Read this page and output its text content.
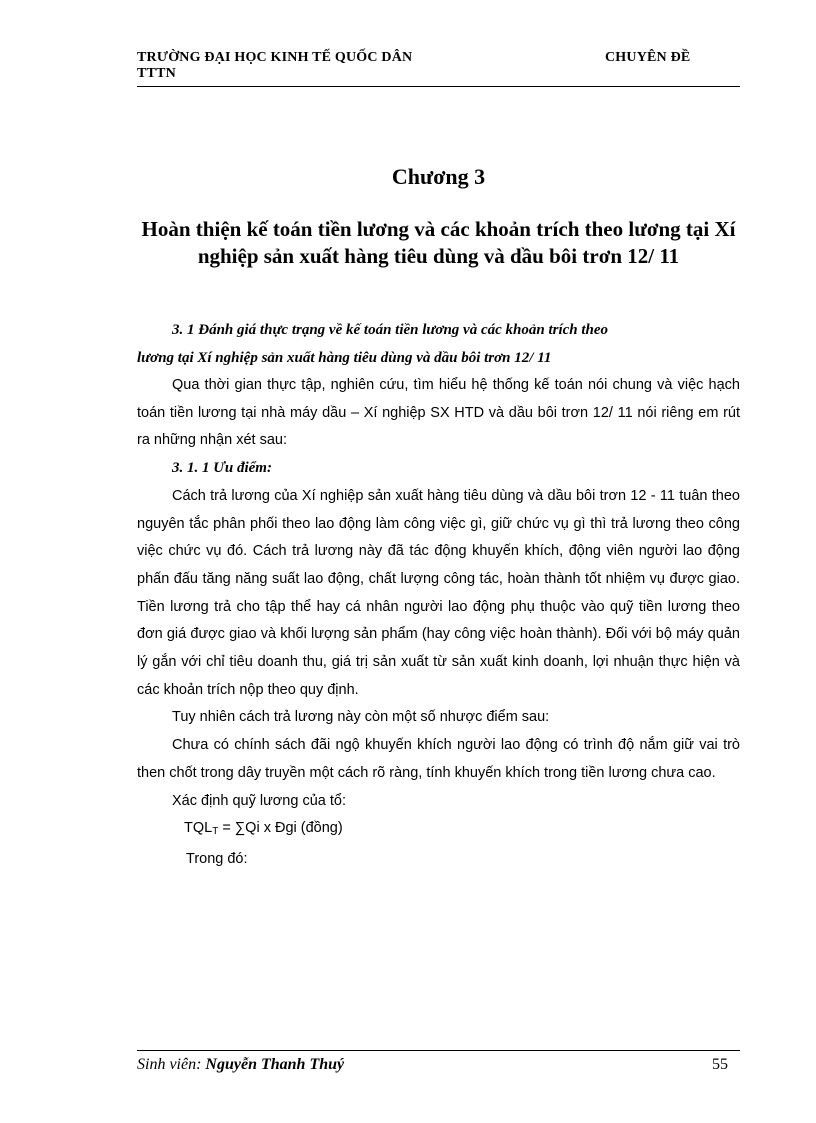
TRƯỜNG ĐẠI HỌC KINH TẾ QUỐC DÂN	CHUYÊN ĐỀ
TTTN
Chương 3
Hoàn thiện kế toán tiền lương và các khoản trích theo lương tại Xí nghiệp sản xuất hàng tiêu dùng và dầu bôi trơn 12/ 11
3. 1 Đánh giá thực trạng về kế toán tiền lương và các khoản trích theo
lương tại Xí nghiệp sản xuất hàng tiêu dùng và dầu bôi trơn 12/ 11

Qua thời gian thực tập, nghiên cứu, tìm hiểu hệ thống kế toán nói chung và việc hạch toán tiền lương tại nhà máy dầu – Xí nghiệp SX HTD và dầu bôi trơn 12/ 11 nói riêng em rút ra những nhận xét sau:

3. 1. 1 Ưu điểm:

Cách trả lương của Xí nghiệp sản xuất hàng tiêu dùng và dầu bôi trơn 12 - 11 tuân theo nguyên tắc phân phối theo lao động làm công việc gì, giữ chức vụ gì thì trả lương theo công việc chức vụ đó. Cách trả lương này đã tác động khuyến khích, động viên người lao động phấn đấu tăng năng suất lao động, chất lượng công tác, hoàn thành tốt nhiệm vụ được giao. Tiền lương trả cho tập thể hay cá nhân người lao động phụ thuộc vào quỹ tiền lương theo đơn giá được giao và khối lượng sản phẩm (hay công việc hoàn thành). Đối với bộ máy quản lý gắn với chỉ tiêu doanh thu, giá trị sản xuất từ sản xuất kinh doanh, lợi nhuận thực hiện và các khoản trích nộp theo quy định.

Tuy nhiên cách trả lương này còn một số nhược điểm sau:

Chưa có chính sách đãi ngộ khuyến khích người lao động có trình độ nắm giữ vai trò then chốt trong dây truyền một cách rõ ràng, tính khuyến khích trong tiền lương chưa cao.

Xác định quỹ lương của tổ:

$TQL_T = \sum Qi$ x Đgi (đồng)
Trong đó:
Sinh viên: Nguyễn Thanh Thuý	55
